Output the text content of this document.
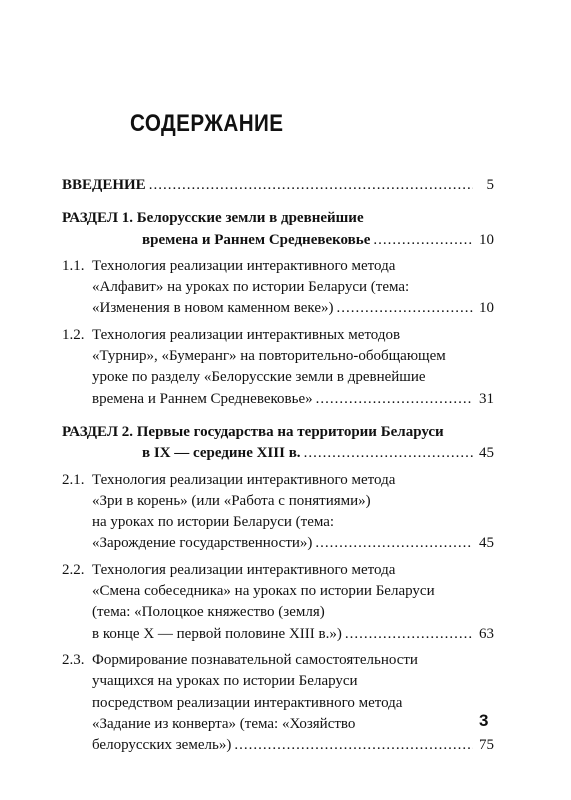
СОДЕРЖАНИЕ
ВВЕДЕНИЕ .....	5
РАЗДЕЛ 1. Белорусские земли в древнейшие
времена и Раннем Средневековье .....	10
1.1. Технология реализации интерактивного метода
«Алфавит» на уроках по истории Беларуси (тема:
«Изменения в новом каменном веке») .....	10
1.2. Технология реализации интерактивных методов
«Турнир», «Бумеранг» на повторительно-обобщающем
уроке по разделу «Белорусские земли в древнейшие
времена и Раннем Средневековье» .....	31
РАЗДЕЛ 2. Первые государства на территории Беларуси
в IX — середине XIII в. .....	45
2.1. Технология реализации интерактивного метода
«Зри в корень» (или «Работа с понятиями»)
на уроках по истории Беларуси (тема:
«Зарождение государственности») .....	45
2.2. Технология реализации интерактивного метода
«Смена собеседника» на уроках по истории Беларуси
(тема: «Полоцкое княжество (земля)
в конце X — первой половине XIII в.») .....	63
2.3. Формирование познавательной самостоятельности
учащихся на уроках по истории Беларуси
посредством реализации интерактивного метода
«Задание из конверта» (тема: «Хозяйство
белорусских земель») .....	75
3
